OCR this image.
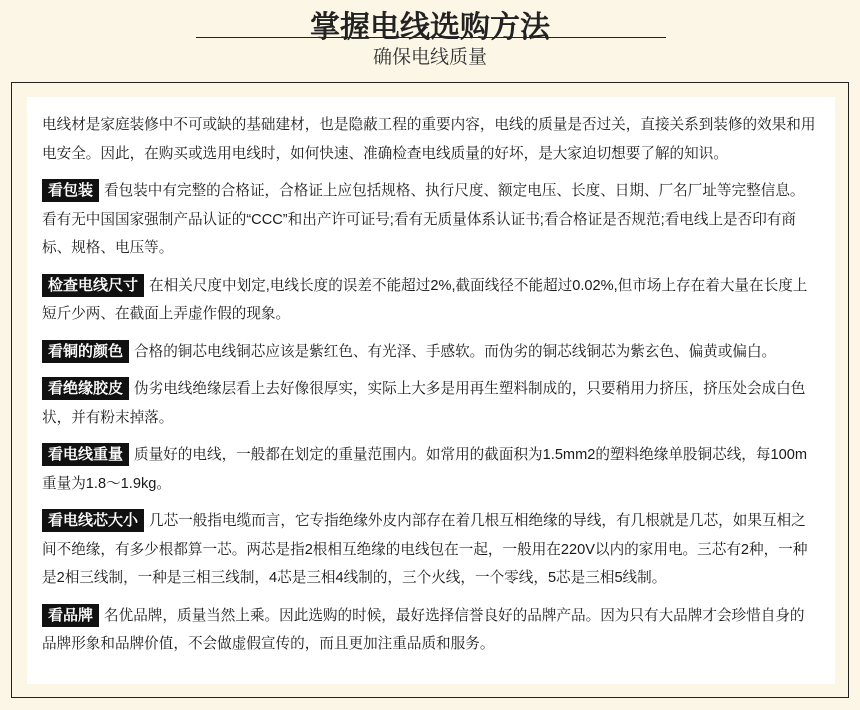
掌握电线选购方法
确保电线质量

电线材是家庭装修中不可或缺的基础建材，也是隐蔽工程的重要内容，电线的质量是否过关，直接关系到装修的效果和用电安全。因此，在购买或选用电线时，如何快速、准确检查电线质量的好坏，是大家迫切想要了解的知识。

看包装 看包装中有完整的合格证，合格证上应包括规格、执行尺度、额定电压、长度、日期、厂名厂址等完整信息。看有无中国国家强制产品认证的“CCC”和出产许可证号;看有无质量体系认证书;看合格证是否规范;看电线上是否印有商标、规格、电压等。

检查电线尺寸 在相关尺度中划定,电线长度的误差不能超过2%,截面线径不能超过0.02%,但市场上存在着大量在长度上短斤少两、在截面上弄虚作假的现象。

看铜的颜色 合格的铜芯电线铜芯应该是紫红色、有光泽、手感软。而伪劣的铜芯线铜芯为紫玄色、偏黄或偏白。

看绝缘胶皮 伪劣电线绝缘层看上去好像很厚实，实际上大多是用再生塑料制成的，只要稍用力挤压，挤压处会成白色状，并有粉末掉落。

看电线重量 质量好的电线，一般都在划定的重量范围内。如常用的截面积为1.5mm2的塑料绝缘单股铜芯线，每100m重量为1.8～1.9kg。

看电线芯大小 几芯一般指电缆而言，它专指绝缘外皮内部存在着几根互相绝缘的导线，有几根就是几芯，如果互相之间不绝缘，有多少根都算一芯。两芯是指2根相互绝缘的电线包在一起，一般用在220V以内的家用电。三芯有2种，一种是2相三线制，一种是三相三线制，4芯是三相4线制的，三个火线，一个零线，5芯是三相5线制。

看品牌 名优品牌，质量当然上乘。因此选购的时候，最好选择信誉良好的品牌产品。因为只有大品牌才会珍惜自身的品牌形象和品牌价值，不会做虚假宣传的，而且更加注重品质和服务。
